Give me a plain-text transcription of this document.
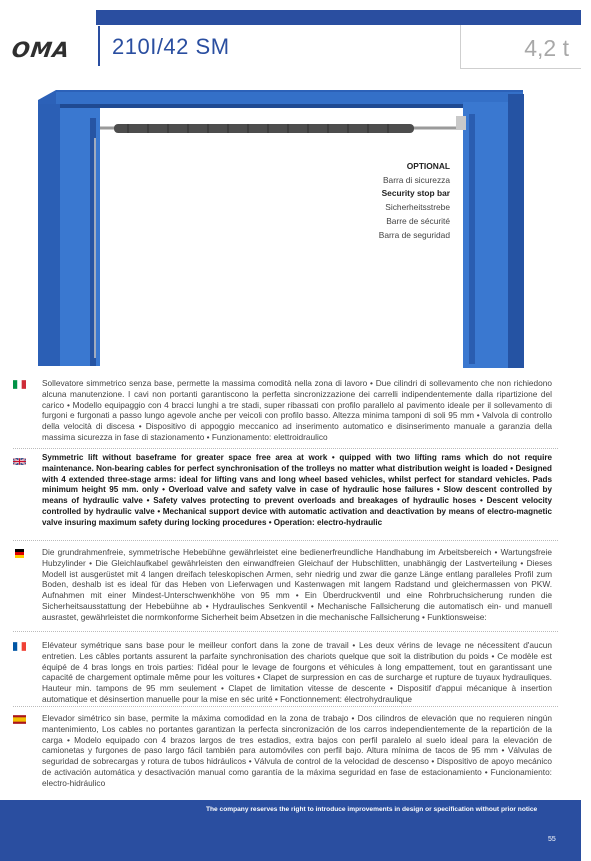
OMA	210I/42 SM	4,2 t
OPTIONAL
Barra di sicurezza
Security stop bar
Sicherheitsstrebe
Barre de sécurité
Barra de seguridad
Sollevatore simmetrico senza base, permette la massima comodità nella zona di lavoro • Due cilindri di sollevamento che non richiedono alcuna manutenzione. I cavi non portanti garantiscono la perfetta sincronizzazione dei carrelli indipendentemente dalla ripartizione del carico • Modello equipaggio con 4 bracci lunghi a tre stadi, super ribassati con profilo parallelo al pavimento ideale per il sollevamento di furgoni e furgonati a passo lungo agevole anche per veicoli con profilo basso. Altezza minima tamponi di soli 95 mm • Valvola di controllo della velocità di discesa • Dispositivo di appoggio meccanico ad inserimento automatico e disinserimento manuale a garanzia della massima sicurezza in fase di stazionamento • Funzionamento: elettroidraulico
Symmetric lift without baseframe for greater space free area at work • quipped with two lifting rams which do not require maintenance. Non-bearing cables for perfect synchronisation of the trolleys no matter what distribution weight is loaded • Designed with 4 extended three-stage arms: ideal for lifting vans and long wheel based vehicles, whilst perfect for standard vehicles. Pads minimum height 95 mm. only • Overload valve and safety valve in case of hydraulic hose failures • Slow descent controlled by means of hydraulic valve • Safety valves protecting to prevent overloads and breakages of hydraulic hoses • Descent velocity controlled by hydraulic valve • Mechanical support device with automatic activation and deactivation by means of electro-magnetic valve insuring maximum safety during locking procedures • Operation: electro-hydraulic
Die grundrahmenfreie, symmetrische Hebebühne gewährleistet eine bedienerfreundliche Handhabung im Arbeitsbereich • Wartungsfreie Hubzylinder • Die Gleichlaufkabel gewährleisten den einwandfreien Gleichauf der Hubschlitten, unabhängig der Lastverteilung • Dieses Modell ist ausgerüstet mit 4 langen dreifach teleskopischen Armen, sehr niedrig und zwar die ganze Länge entlang paralleles Profil zum Boden, deshalb ist es ideal für das Heben von Lieferwagen und Kastenwagen mit langem Radstand und gleichermassen von PKW. Aufnahmen mit einer Mindest-Unterschwenkhöhe von 95 mm • Ein Überdruckventil und eine Rohrbruchsicherung runden die Sicherheitsausstattung der Hebebühne ab • Hydraulisches Senkventil • Mechanische Fallsicherung die automatisch ein- und manuell ausrastet, gewährleistet die normkonforme Sicherheit beim Absetzen in die mechanische Fallsicherung • Funktionsweise:
Elévateur symétrique sans base pour le meilleur confort dans la zone de travail • Les deux vérins de levage ne nécessitent d'aucun entretien. Les câbles portants assurent la parfaite synchronisation des chariots quelque que soit la distribution du poids • Ce modèle est équipé de 4 bras longs en trois parties: l'idéal pour le levage de fourgons et véhicules à long empattement, tout en garantissant une capacité de chargement optimale même pour les voitures • Clapet de surpression en cas de surcharge et rupture de tuyaux hydrauliques. Hauteur min. tampons de 95 mm seulement • Clapet de limitation vitesse de descente • Dispositif d'appui mécanique à insertion automatique et désinsertion manuelle pour la mise en séc urité • Fonctionnement: électrohydraulique
Elevador simétrico sin base, permite la máxima comodidad en la zona de trabajo • Dos cilindros de elevación que no requieren ningún mantenimiento, Los cables no portantes garantizan la perfecta sincronización de los carros independientemente de la repartición de la carga • Modelo equipado con 4 brazos largos de tres estadios, extra bajos con perfil paralelo al suelo ideal para la elevación de camionetas y furgones de paso largo fácil también para automóviles con perfil bajo. Altura mínima de tacos de 95 mm • Válvulas de seguridad de sobrecargas y rotura de tubos hidráulicos • Válvula de control de la velocidad de descenso • Dispositivo de apoyo mecánico de activación automática y desactivación manual como garantía de la máxima seguridad en fase de estacionamiento • Funcionamiento: electro-hidráulico
The company reserves the right to introduce improvements in design or specification without prior notice
55
